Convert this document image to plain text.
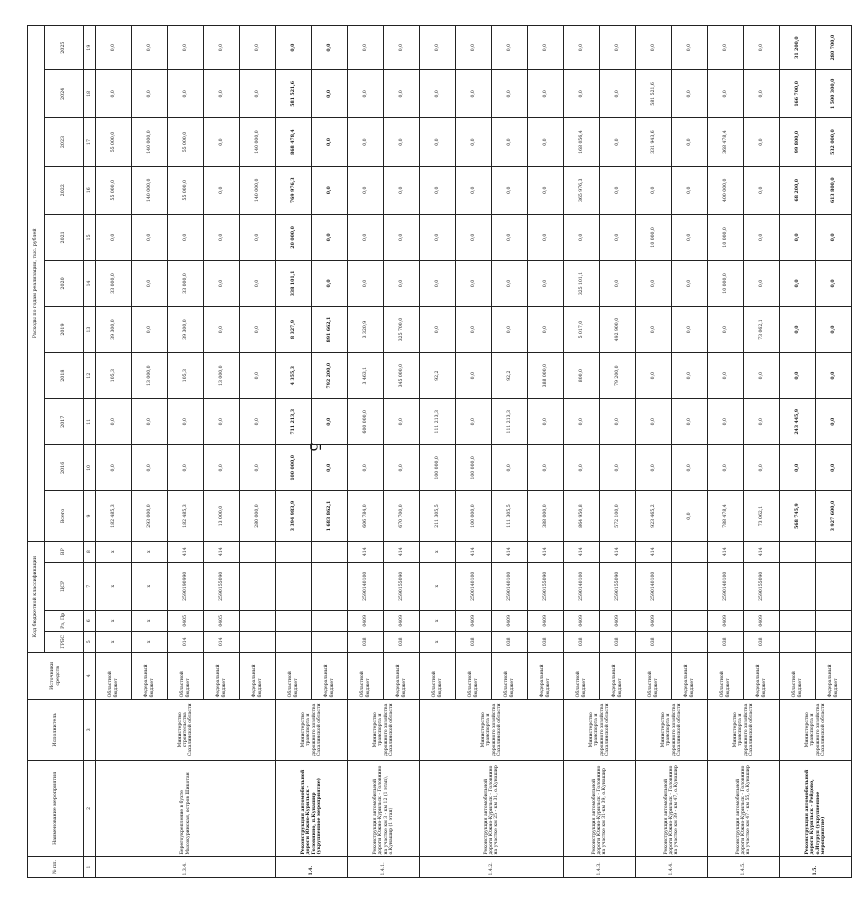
5
№ пп.	Наименование мероприятия	Исполнитель	Источники средств	Код бюджетной классификации				Расходы по годам реализации, тыс. рублей										
				ГРБС	Рз, Пр	ЦСР	ВР	Всего	2016	2017	2018	2019	2020	2021	2022	2023	2024	2025
1	2	3	4	5	6	7	8	9	10	11	12	13	14	15	16	17	18	19
1.3.4.	Берегоукрепление в бухте Мысокуринская, остров Шикотан	Министерство строительства Сахалинской области	Областной бюджет	х	х	х	х	182 485,3	0,0	0,0	105,3	39 300,0	33 000,0	0,0	55 000,0	55 000,0	0,0	0,0
			Федеральный бюджет	х	х	х	х	293 000,0	0,0	0,0	13 000,0	0,0	0,0	0,0	140 000,0	140 000,0	0,0	0,0
			Областной бюджет	014	0405	2590190990	414	182 485,3	0,0	0,0	105,3	39 300,0	33 000,0	0,0	55 000,0	55 000,0	0,0	0,0
			Федеральный бюджет	014	0405	2590155090	414	13 000,0	0,0	0,0	13 000,0	0,0	0,0	0,0	0,0	0,0	0,0	0,0
			Федеральный бюджет					280 000,0	0,0	0,0	0,0	0,0	0,0	0,0	140 000,0	140 000,0	0,0	0,0
1.4.	Реконструкция автомобильной дороги Южно-Курильск - Головнино, п.Кунашир (укрупненное мероприятие)	Министерство транспорта и дорожного хозяйства Сахалинской области	Областной бюджет					3 394 983,9	100 000,0	711 213,3	4 355,3	8 327,9	338 101,1	20 000,0	769 976,3	868 478,4	581 521,6	0,0
			Федеральный бюджет					1 683 862,1	0,0	0,0	792 200,0	891 662,1	0,0	0,0	0,0	0,0	0,0	0,0
1.4.1.	Реконструкция автомобильной дороги Южно-Курильск - Головнино на участке км 3 - км 12 (1 этап), о.Кунашир (1 этап)	Министерство транспорта и дорожного хозяйства Сахалинской области	Областной бюджет	038	0409	2590140100	414	606 784,0	0,0	600 000,0	3 463,1	3 320,9	0,0	0,0	0,0	0,0	0,0	0,0
			Федеральный бюджет	038	0409	2590155090	414	670 700,0	0,0	0,0	345 000,0	325 700,0	0,0	0,0	0,0	0,0	0,0	0,0
1.4.2.	Реконструкция автомобильной дороги Южно-Курильск - Головнино на участке км 25 - км 31, о.Кунашир	Министерство транспорта и дорожного хозяйства Сахалинской области	Областной бюджет	х	х	х	х	211 305,5	100 000,0	111 213,3	92,2	0,0	0,0	0,0	0,0	0,0	0,0	0,0
			Областной бюджет	038	0409	2500140100	414	100 000,0	100 000,0	0,0	0,0	0,0	0,0	0,0	0,0	0,0	0,0	0,0
			Областной бюджет	038	0409	2590140100	414	111 305,5	0,0	111 213,3	92,2	0,0	0,0	0,0	0,0	0,0	0,0	0,0
			Федеральный бюджет	038	0409	2590155090	414	388 000,0	0,0	0,0	388 000,0	0,0	0,0	0,0	0,0	0,0	0,0	0,0
1.4.3.	Реконструкция автомобильной дороги Южно-Курильск - Головнино на участке км 31-км 39, о.Кунашир	Министерство транспорта и дорожного хозяйства Сахалинской области	Областной бюджет	038	0409	2590140100	414	864 950,8	0,0	0,0	800,0	5 017,0	325 101,1	0,0	365 976,3	168 056,4	0,0	0,0
			Федеральный бюджет	038	0409	2590155090	414	572 100,0	0,0	0,0	79 200,0	492 900,0	0,0	0,0	0,0	0,0	0,0	0,0
1.4.4.	Реконструкция автомобильной дороги Южно-Курильск - Головнино на участке км 39 - км 47, о.Кунашир	Министерство транспорта и дорожного хозяйства Сахалинской области	Областной бюджет	038	0409	2590140100	414	923 465,2	0,0	0,0	0,0	0,0	0,0	10 000,0	0,0	331 943,6	581 521,6	0,0
			Федеральный бюджет					0,0	0,0	0,0	0,0	0,0	0,0	0,0	0,0	0,0	0,0	0,0
1.4.5.	Реконструкция автомобильной дороги Южно-Курильск - Головнино на участке км 47 - км 55, о.Кунашир	Министерство транспорта и дорожного хозяйства Сахалинской области	Областной бюджет	038	0409	2590140100	414	788 478,4	0,0	0,0	0,0	0,0	10 000,0	10 000,0	400 000,0	368 478,4	0,0	0,0
			Федеральный бюджет	038	0409	2590155090	414	73 062,1	0,0	0,0	0,0	73 062,1	0,0	0,0	0,0	0,0	0,0	0,0
1.5.	Реконструкция автомобильной дороги Курильск - Рейдово, о.Итуруп (укрупненное мероприятие)	Министерство транспорта и дорожного хозяйства Сахалинской области	Областной бюджет					568 745,9	0,0	243 445,9	0,0	0,0	0,0	0,0	68 200,0	99 800,0	166 700,0	31 200,0
			Федеральный бюджет					3 927 600,0	0,0	0,0	0,0	0,0	0,0	0,0	613 800,0	532 000,0	1 500 300,0	280 700,0
